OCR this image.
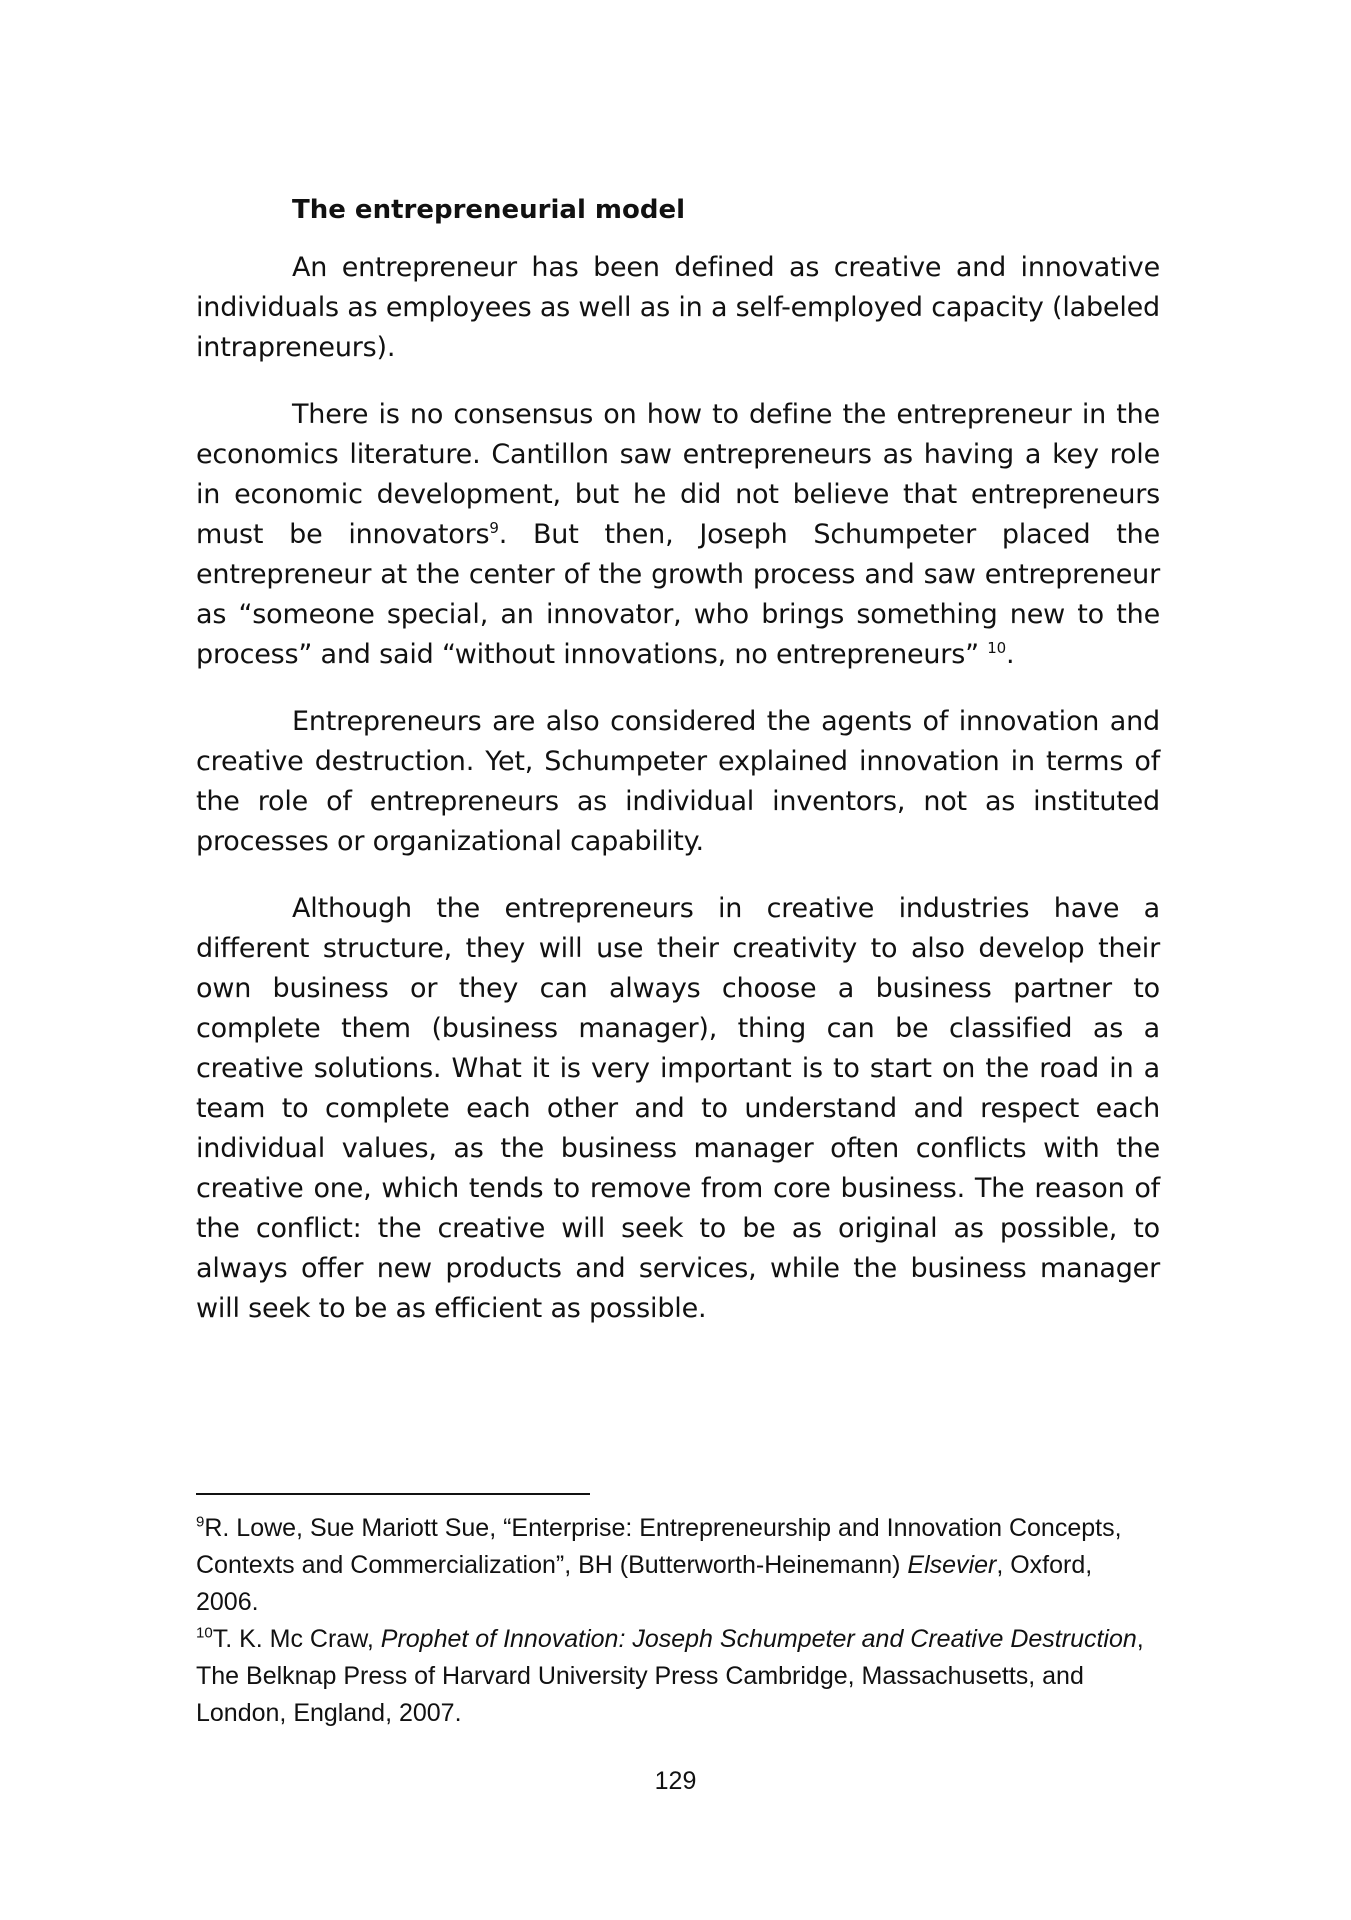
The entrepreneurial model

An entrepreneur has been defined as creative and innovative individuals as employees as well as in a self-employed capacity (labeled intrapreneurs).

There is no consensus on how to define the entrepreneur in the economics literature. Cantillon saw entrepreneurs as having a key role in economic development, but he did not believe that entrepreneurs must be innovators$^9$. But then, Joseph Schumpeter placed the entrepreneur at the center of the growth process and saw entrepreneur as “someone special, an innovator, who brings something new to the process” and said “without innovations, no entrepreneurs” $^{10}$.

Entrepreneurs are also considered the agents of innovation and creative destruction. Yet, Schumpeter explained innovation in terms of the role of entrepreneurs as individual inventors, not as instituted processes or organizational capability.

Although the entrepreneurs in creative industries have a different structure, they will use their creativity to also develop their own business or they can always choose a business partner to complete them (business manager), thing can be classified as a creative solutions. What it is very important is to start on the road in a team to complete each other and to understand and respect each individual values, as the business manager often conflicts with the creative one, which tends to remove from core business. The reason of the conflict: the creative will seek to be as original as possible, to always offer new products and services, while the business manager will seek to be as efficient as possible.

$^9$R. Lowe, Sue Mariott Sue, “Enterprise: Entrepreneurship and Innovation Concepts, Contexts and Commercialization”, BH (Butterworth-Heinemann) Elsevier, Oxford, 2006.

$^{10}$T. K. Mc Craw, Prophet of Innovation: Joseph Schumpeter and Creative Destruction, The Belknap Press of Harvard University Press Cambridge, Massachusetts, and London, England, 2007.

129
